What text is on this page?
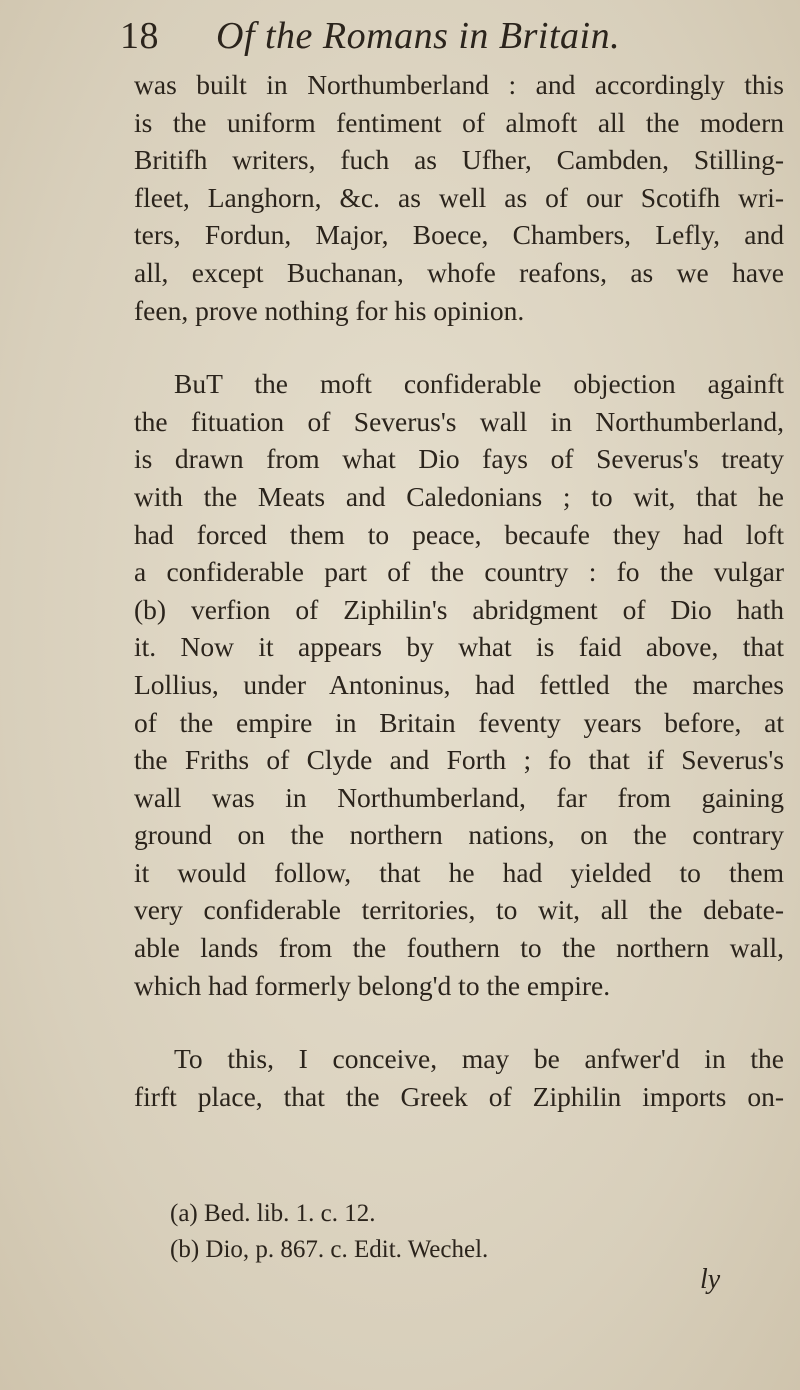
18 Of the Romans in Britain.
was built in Northumberland : and accordingly this
is the uniform fentiment of almoft all the modern
Britifh writers, fuch as Ufher, Cambden, Stilling-
fleet, Langhorn, &c. as well as of our Scotifh wri-
ters, Fordun, Major, Boece, Chambers, Lefly, and
all, except Buchanan, whofe reafons, as we have
feen, prove nothing for his opinion.
BuT the moft confiderable objection againft
the fituation of Severus's wall in Northumberland,
is drawn from what Dio fays of Severus's treaty
with the Meats and Caledonians ; to wit, that he
had forced them to peace, becaufe they had loft
a confiderable part of the country : fo the vulgar
(b) verfion of Ziphilin's abridgment of Dio hath
it. Now it appears by what is faid above, that
Lollius, under Antoninus, had fettled the marches
of the empire in Britain feventy years before, at
the Friths of Clyde and Forth ; fo that if Severus's
wall was in Northumberland, far from gaining
ground on the northern nations, on the contrary
it would follow, that he had yielded to them
very confiderable territories, to wit, all the debate-
able lands from the fouthern to the northern wall,
which had formerly belong'd to the empire.
To this, I conceive, may be anfwer'd in the
firft place, that the Greek of Ziphilin imports on-
(a) Bed. lib. 1. c. 12.
(b) Dio, p. 867. c. Edit. Wechel.
ly
